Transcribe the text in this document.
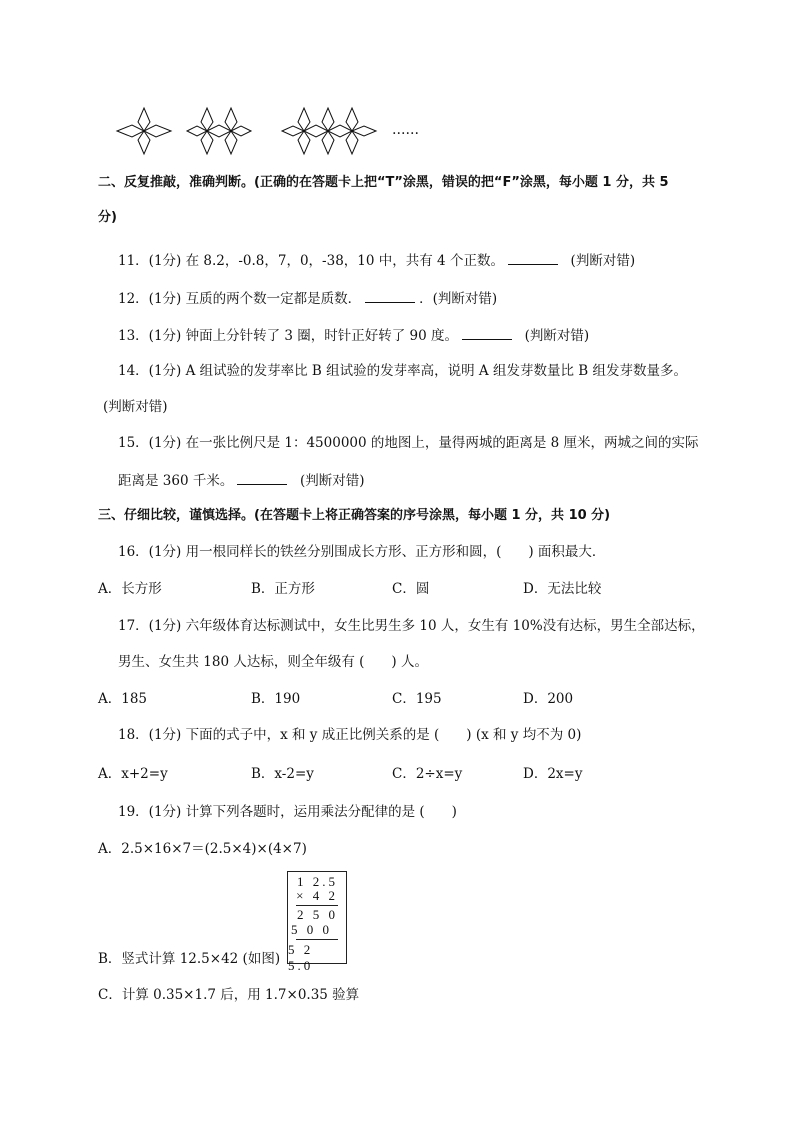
……
二、反复推敲，准确判断。(正确的在答题卡上把“T”涂黑，错误的把“F”涂黑，每小题 1 分，共 5
分)
11．(1分) 在 8.2，-0.8，7，0，-38，10 中，共有 4 个正数。	(判断对错)
12．(1分) 互质的两个数一定都是质数．	．(判断对错)
13．(1分) 钟面上分针转了 3 圈，时针正好转了 90 度。	(判断对错)
14．(1分) A 组试验的发芽率比 B 组试验的发芽率高，说明 A 组发芽数量比 B 组发芽数量多。
(判断对错)
15．(1分) 在一张比例尺是 1：4500000 的地图上，量得两城的距离是 8 厘米，两城之间的实际
距离是 360 千米。	(判断对错)
三、仔细比较，谨慎选择。(在答题卡上将正确答案的序号涂黑，每小题 1 分，共 10 分)
16．(1分) 用一根同样长的铁丝分别围成长方形、正方形和圆，(　　) 面积最大．
A．长方形	B．正方形	C．圆	D．无法比较
17．(1分) 六年级体育达标测试中，女生比男生多 10 人，女生有 10%没有达标，男生全部达标，
男生、女生共 180 人达标，则全年级有 (　　) 人。
A．185	B．190	C．195	D．200
18．(1分) 下面的式子中，x 和 y 成正比例关系的是 (　　) (x 和 y 均不为 0)
A．x+2=y	B．x-2=y	C．2÷x=y	D．2x=y
19．(1分) 计算下列各题时，运用乘法分配律的是 (　　)
A．2.5×16×7＝(2.5×4)×(4×7)
1 2.5
× 4 2
2 5 0
5 0 0
5 2 5.0
B．竖式计算 12.5×42 (如图)
C．计算 0.35×1.7 后，用 1.7×0.35 验算
